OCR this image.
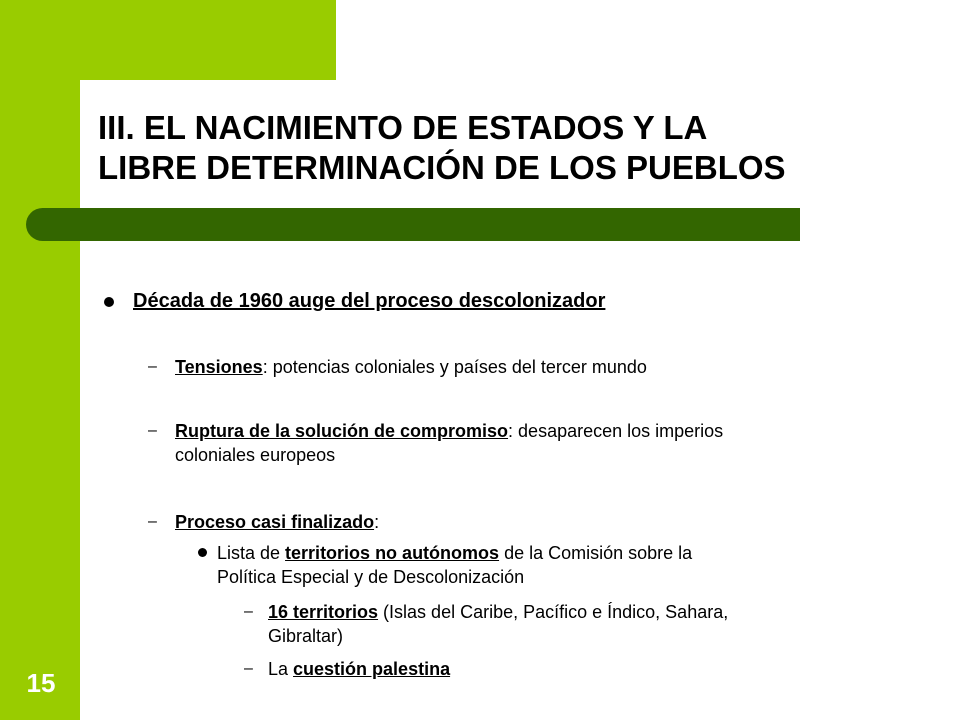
III. EL NACIMIENTO DE ESTADOS Y LA
LIBRE DETERMINACIÓN DE LOS PUEBLOS
Década de 1960 auge del proceso descolonizador
– Tensiones: potencias coloniales y países del tercer mundo
– Ruptura de la solución de compromiso: desaparecen los imperios
coloniales europeos
– Proceso casi finalizado:
Lista de territorios no autónomos de la Comisión sobre la
Política Especial y de Descolonización
– 16 territorios (Islas del Caribe, Pacífico e Índico, Sahara,
Gibraltar)
– La cuestión palestina
15
